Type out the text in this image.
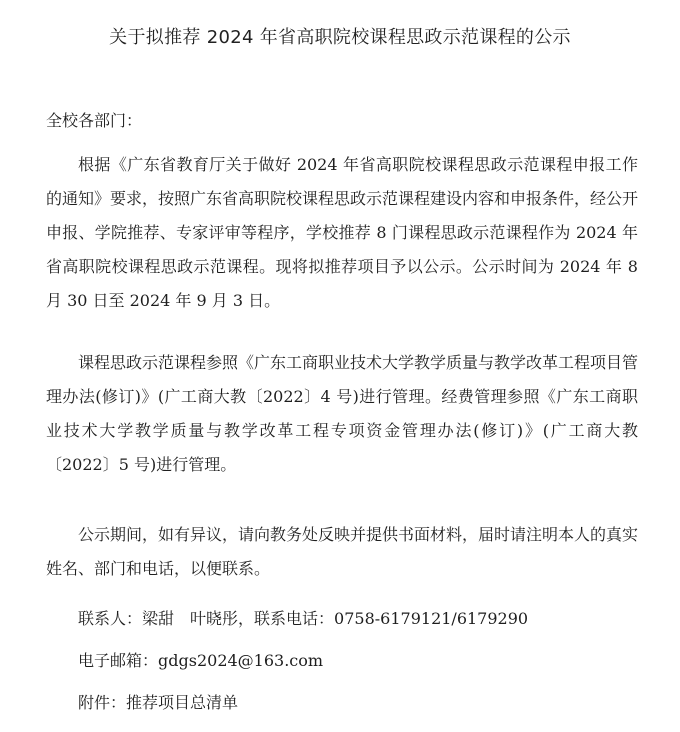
关于拟推荐 2024 年省高职院校课程思政示范课程的公示
全校各部门：

根据《广东省教育厅关于做好 2024 年省高职院校课程思政示范课程申报工作的通知》要求，按照广东省高职院校课程思政示范课程建设内容和申报条件，经公开申报、学院推荐、专家评审等程序，学校推荐 8 门课程思政示范课程作为 2024 年省高职院校课程思政示范课程。现将拟推荐项目予以公示。公示时间为 2024 年 8 月 30 日至 2024 年 9 月 3 日。

课程思政示范课程参照《广东工商职业技术大学教学质量与教学改革工程项目管理办法(修订)》(广工商大教〔2022〕4 号)进行管理。经费管理参照《广东工商职业技术大学教学质量与教学改革工程专项资金管理办法(修订)》(广工商大教〔2022〕5 号)进行管理。

公示期间，如有异议，请向教务处反映并提供书面材料，届时请注明本人的真实姓名、部门和电话，以便联系。

联系人：梁甜　叶晓彤，联系电话：0758-6179121/6179290
电子邮箱：gdgs2024@163.com
附件：推荐项目总清单
